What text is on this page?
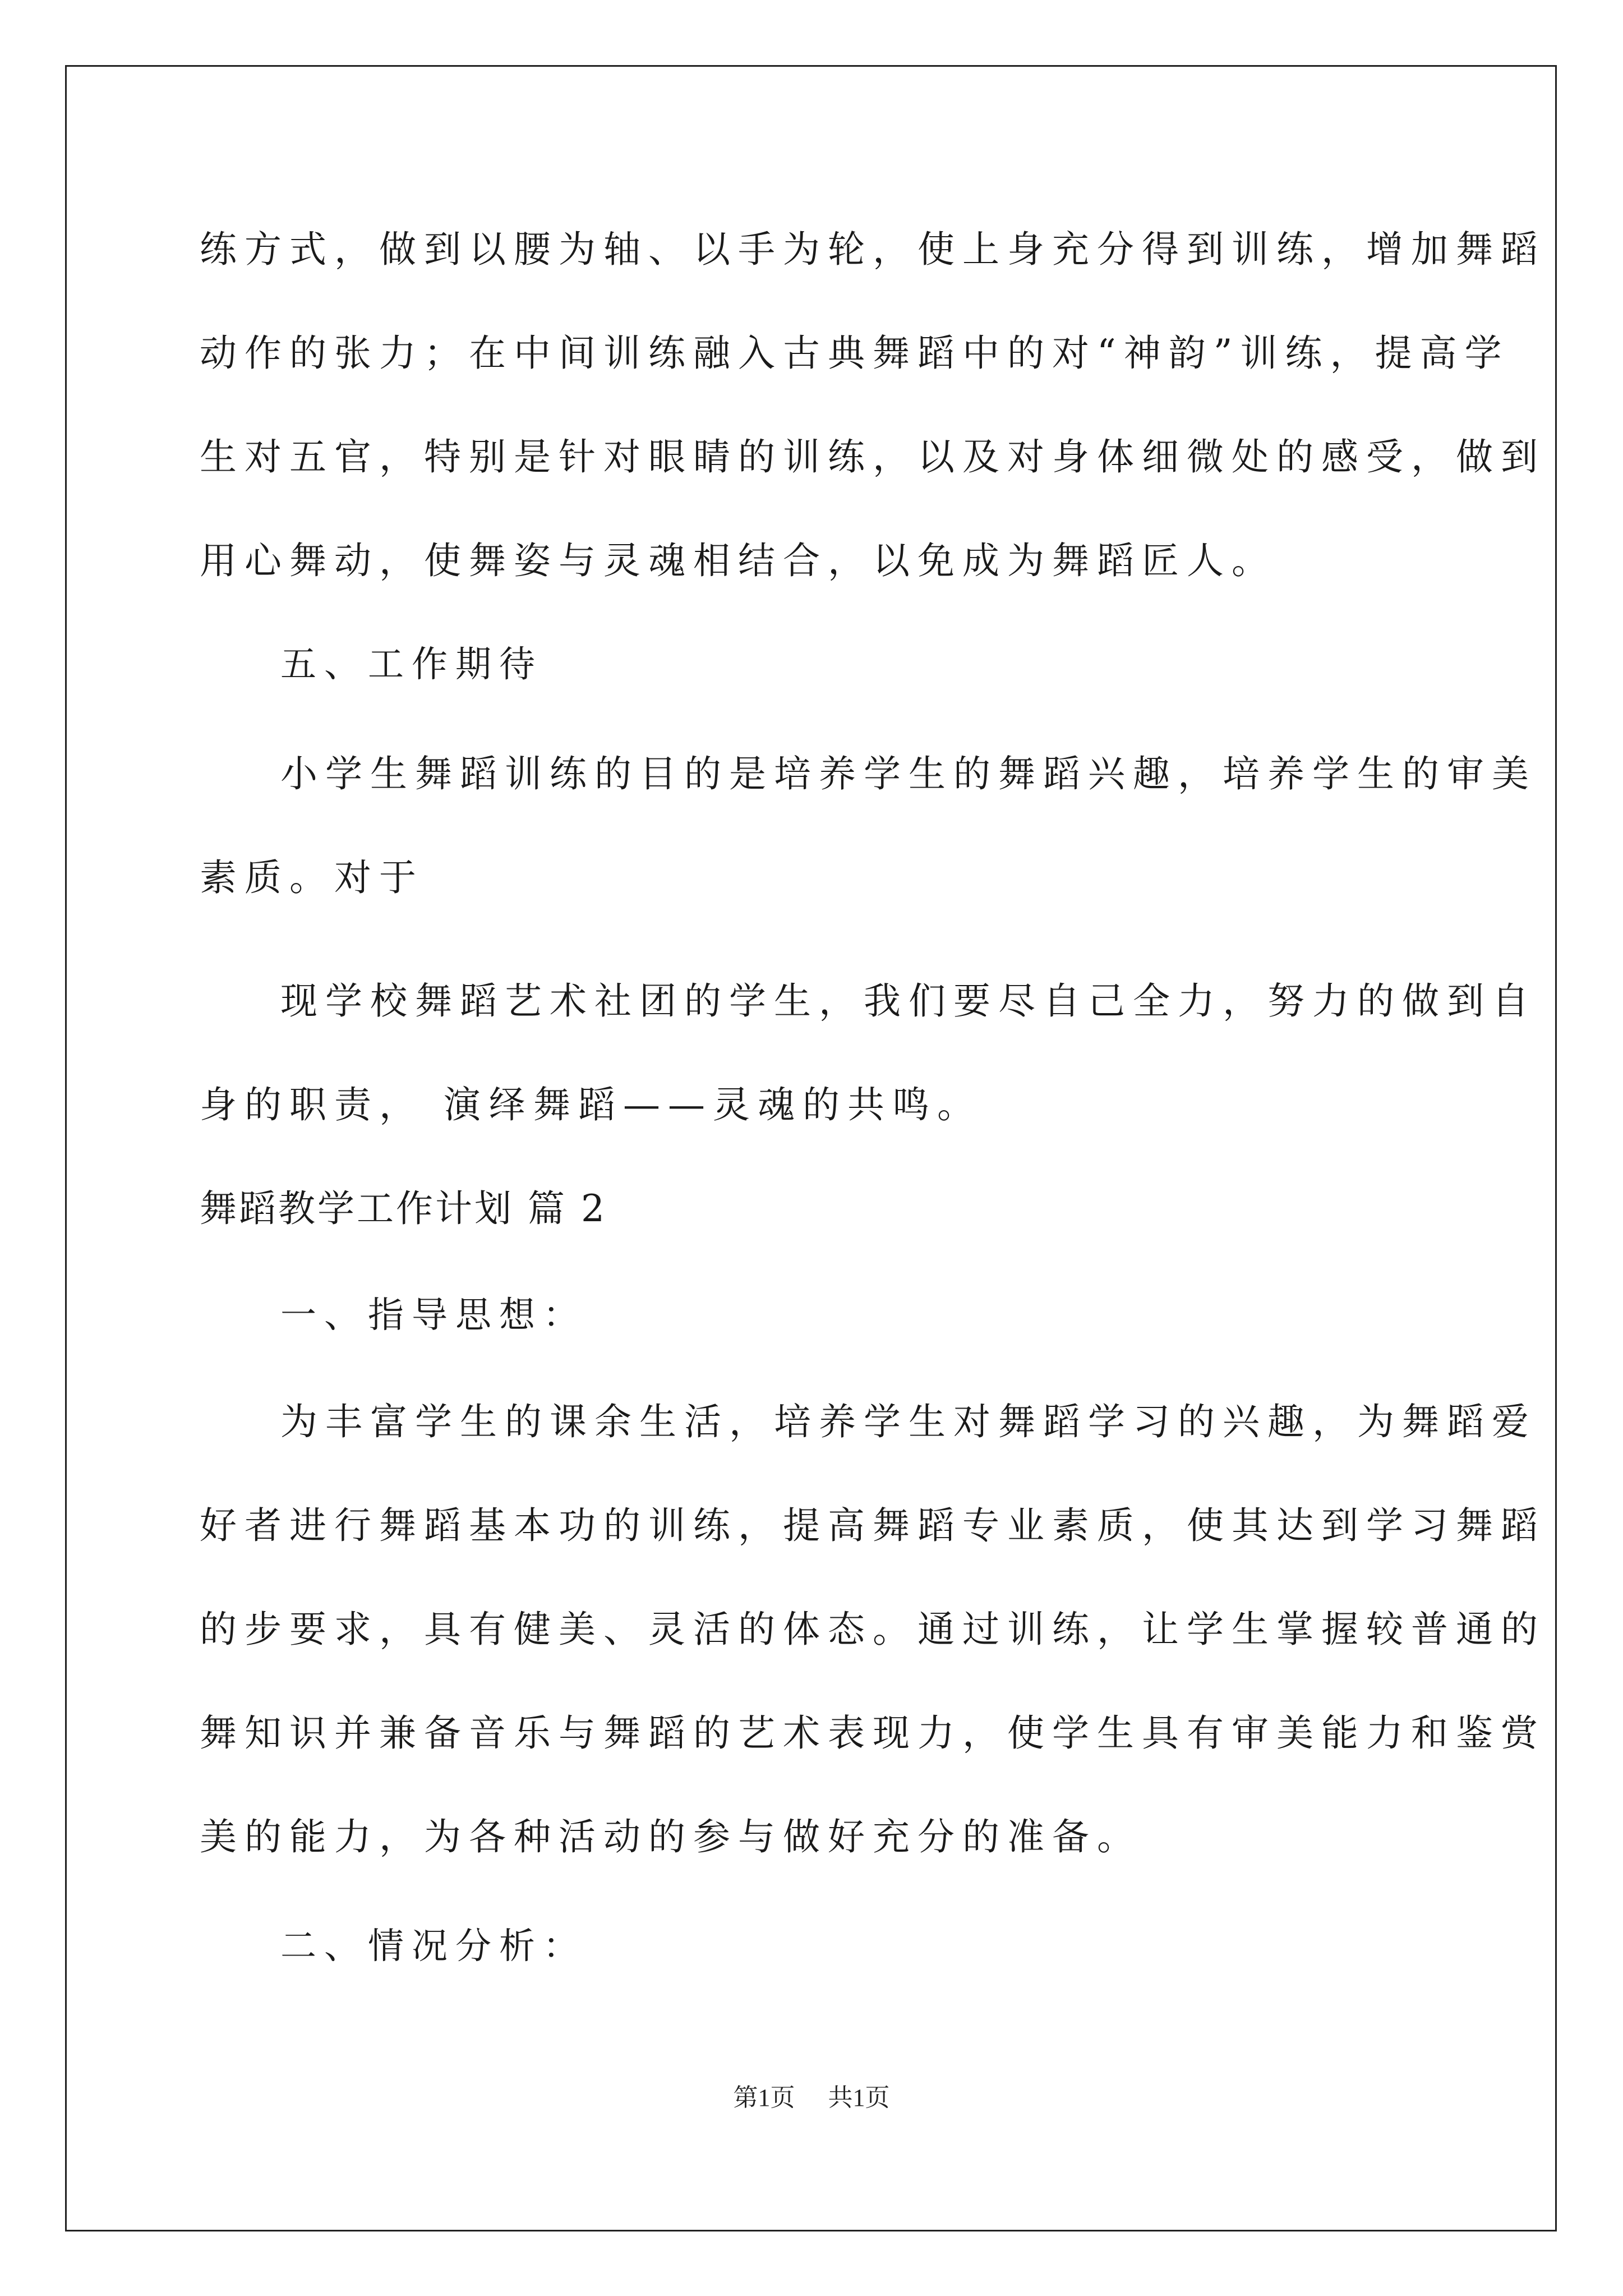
练方式，做到以腰为轴、以手为轮，使上身充分得到训练，增加舞蹈
动作的张力；在中间训练融入古典舞蹈中的对“神韵”训练，提高学
生对五官，特别是针对眼睛的训练，以及对身体细微处的感受，做到
用心舞动，使舞姿与灵魂相结合，以免成为舞蹈匠人。
五、工作期待
小学生舞蹈训练的目的是培养学生的舞蹈兴趣，培养学生的审美
素质。对于
现学校舞蹈艺术社团的学生，我们要尽自己全力，努力的做到自
身的职责， 演绎舞蹈——灵魂的共鸣。
舞蹈教学工作计划 篇 2
一、指导思想：
为丰富学生的课余生活，培养学生对舞蹈学习的兴趣，为舞蹈爱
好者进行舞蹈基本功的训练，提高舞蹈专业素质，使其达到学习舞蹈
的步要求，具有健美、灵活的体态。通过训练，让学生掌握较普通的
舞知识并兼备音乐与舞蹈的艺术表现力，使学生具有审美能力和鉴赏
美的能力，为各种活动的参与做好充分的准备。
二、情况分析：
第1页 共1页
